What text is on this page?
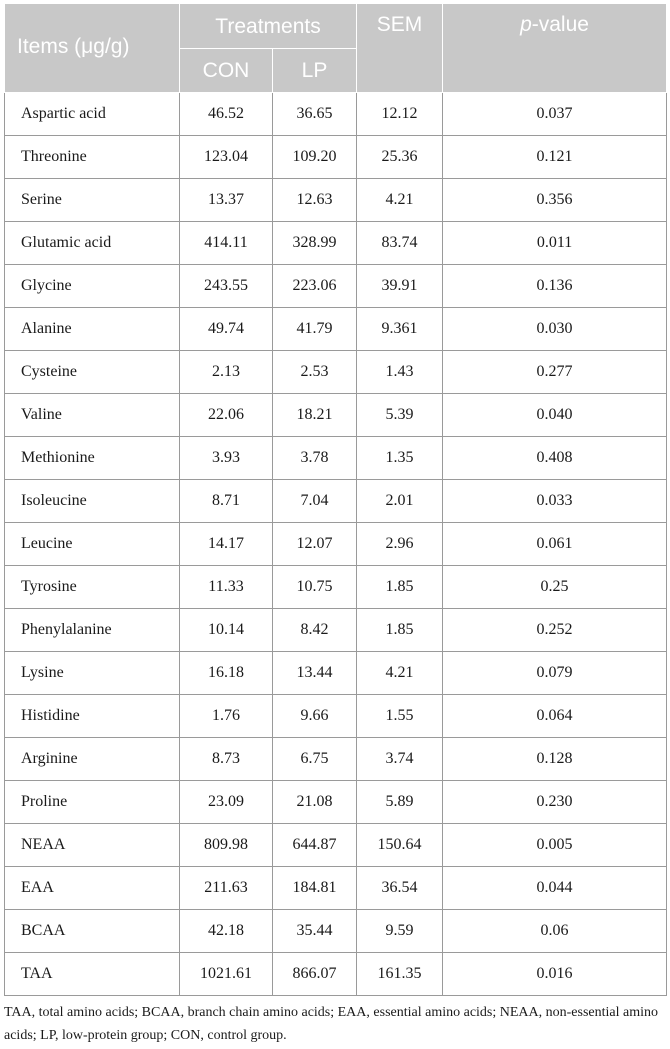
Items (μg/g)	Treatments		SEM	p-value
	CON	LP		
Aspartic acid	46.52	36.65	12.12	0.037
Threonine	123.04	109.20	25.36	0.121
Serine	13.37	12.63	4.21	0.356
Glutamic acid	414.11	328.99	83.74	0.011
Glycine	243.55	223.06	39.91	0.136
Alanine	49.74	41.79	9.361	0.030
Cysteine	2.13	2.53	1.43	0.277
Valine	22.06	18.21	5.39	0.040
Methionine	3.93	3.78	1.35	0.408
Isoleucine	8.71	7.04	2.01	0.033
Leucine	14.17	12.07	2.96	0.061
Tyrosine	11.33	10.75	1.85	0.25
Phenylalanine	10.14	8.42	1.85	0.252
Lysine	16.18	13.44	4.21	0.079
Histidine	1.76	9.66	1.55	0.064
Arginine	8.73	6.75	3.74	0.128
Proline	23.09	21.08	5.89	0.230
NEAA	809.98	644.87	150.64	0.005
EAA	211.63	184.81	36.54	0.044
BCAA	42.18	35.44	9.59	0.06
TAA	1021.61	866.07	161.35	0.016

TAA, total amino acids; BCAA, branch chain amino acids; EAA, essential amino acids; NEAA, non-essential amino acids; LP, low-protein group; CON, control group.
